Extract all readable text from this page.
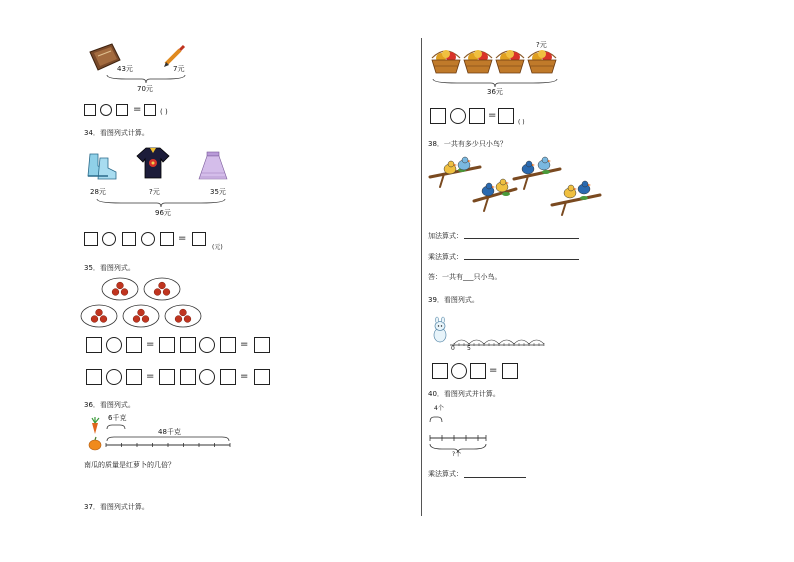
43元	7元
70元
=	( )
34．看图列式计算。
28元	?元	35元
96元
=
(元)
35．看图列式。
=	=
=	=
36．看图列式。
6千克
48千克
南瓜的质量是红萝卜的几倍？
37．看图列式计算。
?元
36元
=
( )
38．一共有多少只小鸟？
加法算式：
乘法算式：
答：一共有___只小鸟。
39．看图列式。
0 5
=
40．看图列式并计算。
4个
?个
乘法算式：
